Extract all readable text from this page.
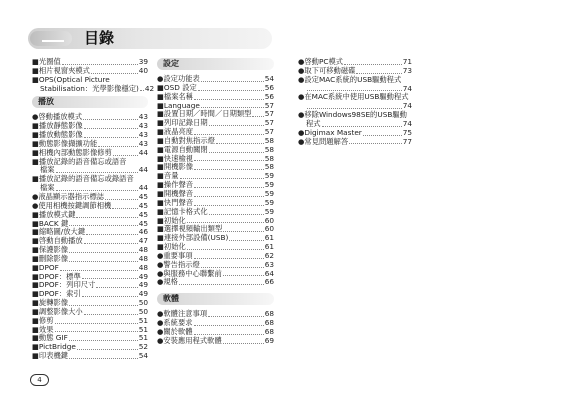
目錄
■光圈值	39
■相片視窗夾模式	40
■OPS(Optical Picture
Stabilisation：光學影像穩定) 42
播放
●啓動播放模式	43
■播放靜態影像	43
■播放動態影像	43
■動態影像擷擴功能	43
■相機內部動態影像修剪	44
■播放記錄的語音備忘或語音
檔案	44
■播放記錄的語音備忘或錄語音
檔案	44
●液晶顯示器指示標誌	45
●使用相機按鍵調節相機	45
■播放模式鍵	45
■BACK 鍵	45
■縮略圖/放大鍵	46
■啓動自動播放	47
■保護影像	48
■刪除影像	48
■DPOF	48
■DPOF：標準	49
■DPOF：列印尺寸	49
■DPOF：索引	49
■旋轉影像	50
■調整影像大小	50
■修剪	51
■效果	51
■動態 GIF	51
■PictBridge	52
■印表機鍵	54
設定
●設定功能表	54
■OSD 設定	56
■檔案名稱	56
■Language	57
■設置日期／時間／日期類型 57
■列印記錄日期	57
■液晶亮度	57
■自動對焦指示燈	58
■電源自動關閉	58
■快速檢視	58
■開機影像	58
■音量	59
■操作聲音	59
■開機聲音	59
■快門聲音	59
■記憶卡格式化	59
■初始化	60
■選擇視頻輸出類型	60
■連接外部設備(USB)	61
■初始化	61
●重要事項	62
●警告指示燈	63
●與服務中心聯繫前	64
●規格	66
軟體
●軟體注意事項	68
●系統要求	68
●關於軟體	68
●安裝應用程式軟體	69
●啓動PC模式	71
●取下可移動磁碟	73
●設定MAC系統的USB驅動程式
74
●在MAC系統中使用USB驅動程式
74
●移除Windows98SE的USB驅動
程式	74
●Digimax Master	75
●常見問題解答	77
4
